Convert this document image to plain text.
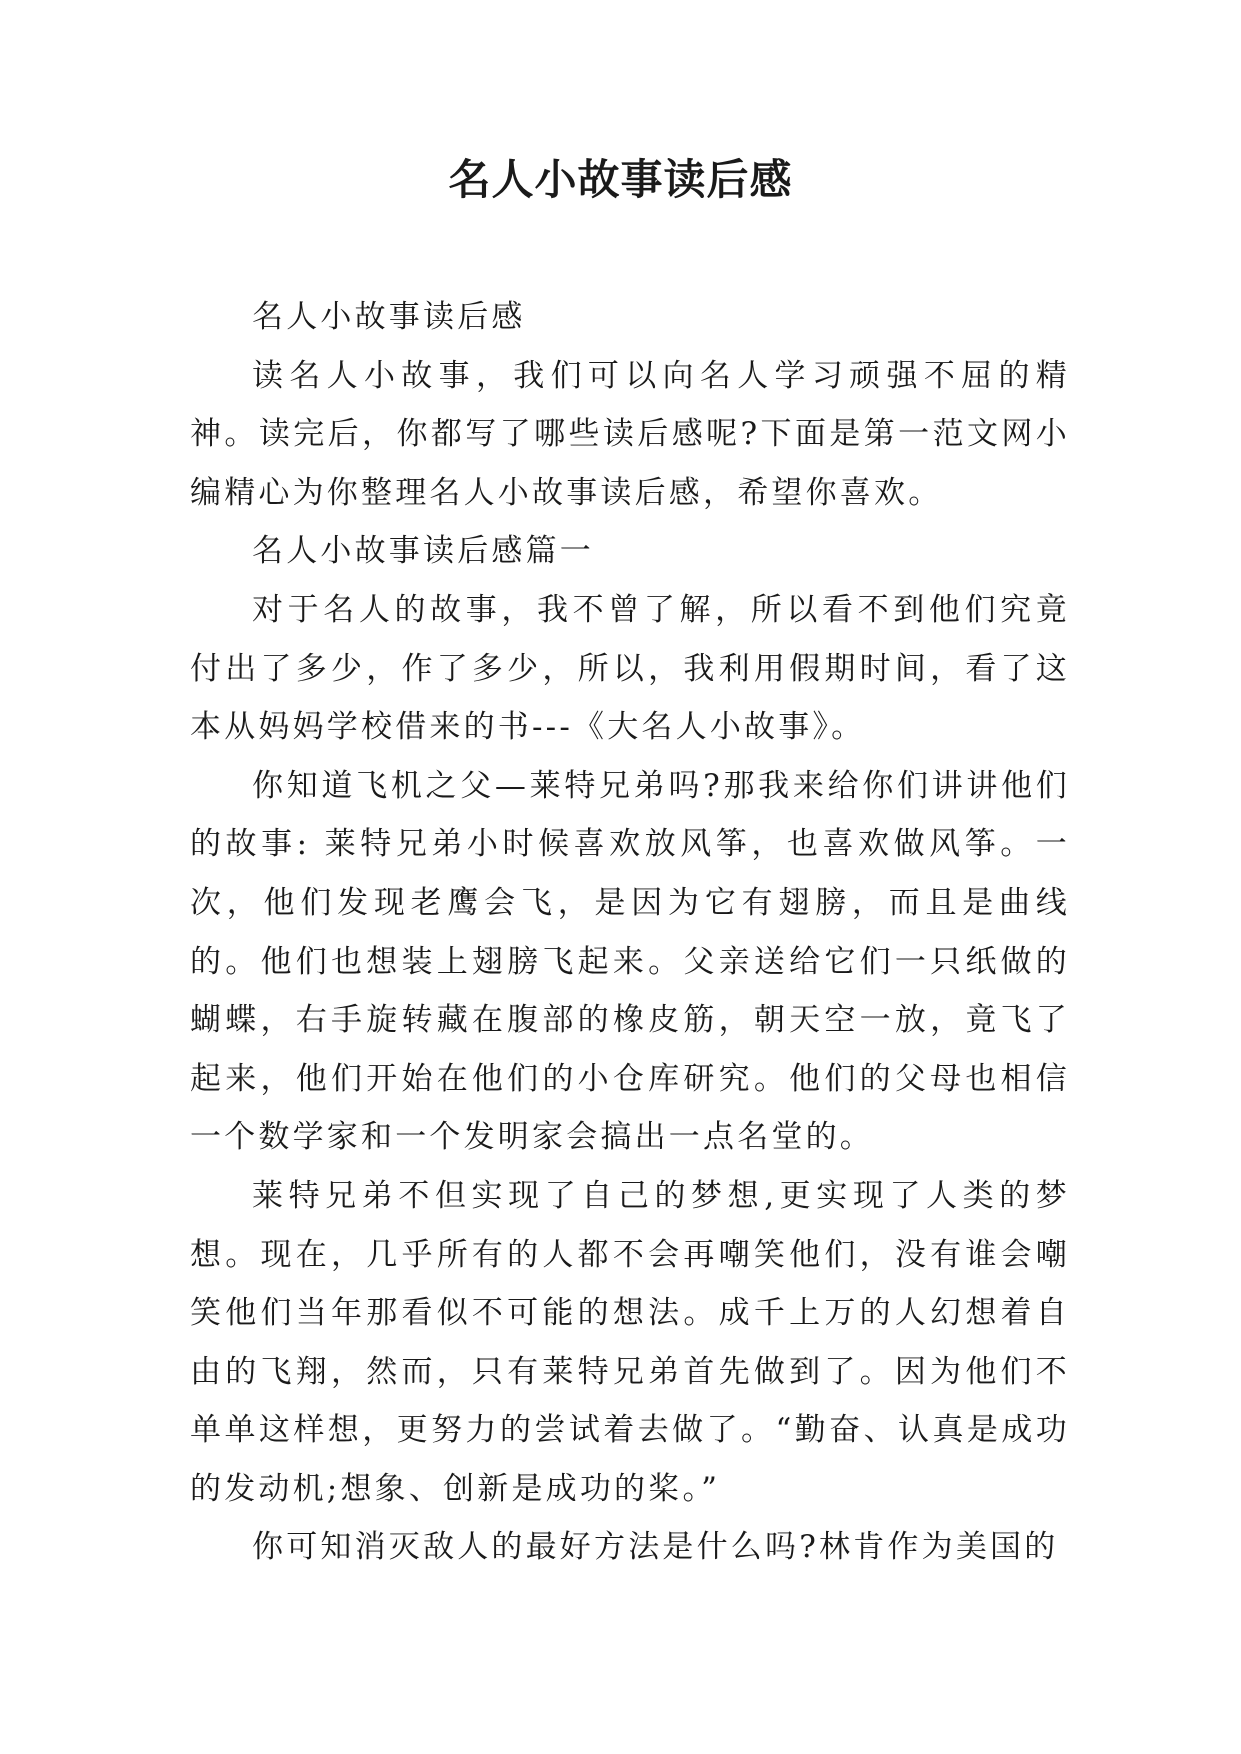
名人小故事读后感

名人小故事读后感

读名人小故事，我们可以向名人学习顽强不屈的精神。读完后，你都写了哪些读后感呢?下面是第一范文网小编精心为你整理名人小故事读后感，希望你喜欢。

名人小故事读后感篇一

对于名人的故事，我不曾了解，所以看不到他们究竟付出了多少，作了多少，所以，我利用假期时间，看了这本从妈妈学校借来的书---《大名人小故事》。

你知道飞机之父—莱特兄弟吗?那我来给你们讲讲他们的故事: 莱特兄弟小时候喜欢放风筝，也喜欢做风筝。一次，他们发现老鹰会飞，是因为它有翅膀，而且是曲线的。他们也想装上翅膀飞起来。父亲送给它们一只纸做的蝴蝶，右手旋转藏在腹部的橡皮筋，朝天空一放，竟飞了起来，他们开始在他们的小仓库研究。他们的父母也相信一个数学家和一个发明家会搞出一点名堂的。

莱特兄弟不但实现了自己的梦想,更实现了人类的梦想。现在，几乎所有的人都不会再嘲笑他们，没有谁会嘲笑他们当年那看似不可能的想法。成千上万的人幻想着自由的飞翔，然而，只有莱特兄弟首先做到了。因为他们不单单这样想，更努力的尝试着去做了。“勤奋、认真是成功的发动机;想象、创新是成功的桨。”

你可知消灭敌人的最好方法是什么吗?林肯作为美国的
